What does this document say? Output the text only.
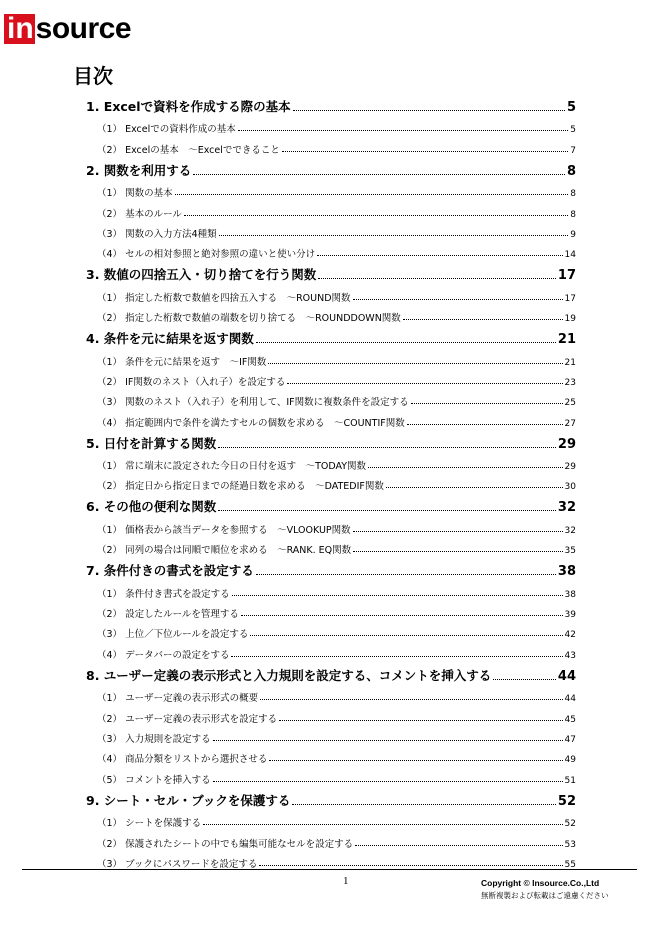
in source
目次
1. Excelで資料を作成する際の基本	5
（1） Excelでの資料作成の基本	5
（2） Excelの基本　～Excelでできること	7
2. 関数を利用する	8
（1） 関数の基本	8
（2） 基本のルール	8
（3） 関数の入力方法4種類	9
（4） セルの相対参照と絶対参照の違いと使い分け	14
3. 数値の四捨五入・切り捨てを行う関数	17
（1） 指定した桁数で数値を四捨五入する　～ROUND関数	17
（2） 指定した桁数で数値の端数を切り捨てる　～ROUNDDOWN関数	19
4. 条件を元に結果を返す関数	21
（1） 条件を元に結果を返す　～IF関数	21
（2） IF関数のネスト（入れ子）を設定する	23
（3） 関数のネスト（入れ子）を利用して、IF関数に複数条件を設定する	25
（4） 指定範囲内で条件を満たすセルの個数を求める　～COUNTIF関数	27
5. 日付を計算する関数	29
（1） 常に端末に設定された今日の日付を返す　～TODAY関数	29
（2） 指定日から指定日までの経過日数を求める　～DATEDIF関数	30
6. その他の便利な関数	32
（1） 価格表から該当データを参照する　～VLOOKUP関数	32
（2） 同列の場合は同順で順位を求める　～RANK. EQ関数	35
7. 条件付きの書式を設定する	38
（1） 条件付き書式を設定する	38
（2） 設定したルールを管理する	39
（3） 上位／下位ルールを設定する	42
（4） データバーの設定をする	43
8. ユーザー定義の表示形式と入力規則を設定する、コメントを挿入する	44
（1） ユーザー定義の表示形式の概要	44
（2） ユーザー定義の表示形式を設定する	45
（3） 入力規則を設定する	47
（4） 商品分類をリストから選択させる	49
（5） コメントを挿入する	51
9. シート・セル・ブックを保護する	52
（1） シートを保護する	52
（2） 保護されたシートの中でも編集可能なセルを設定する	53
（3） ブックにパスワードを設定する	55
1	Copyright © Insource.Co.,Ltd
無断複製および転載はご遠慮ください
